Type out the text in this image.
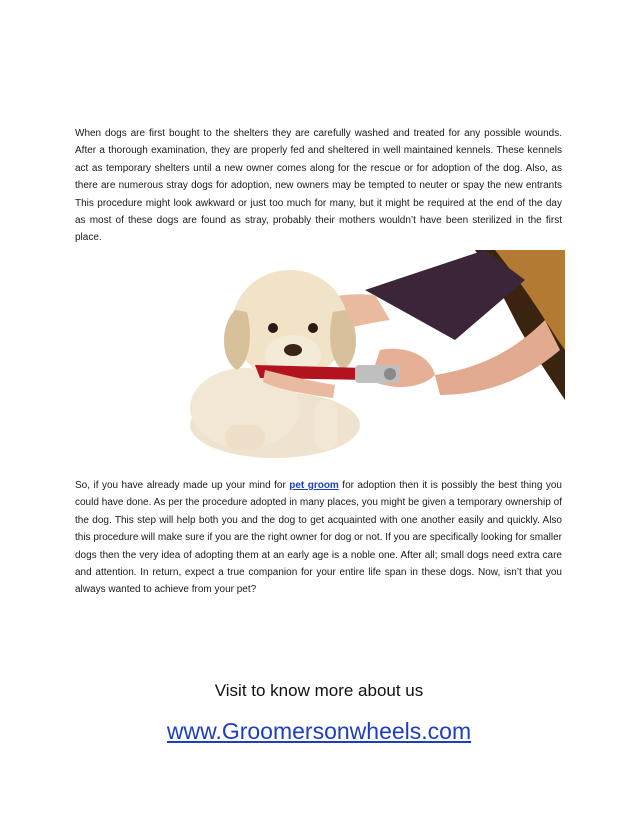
When dogs are first bought to the shelters they are carefully washed and treated for any possible wounds. After a thorough examination, they are properly fed and sheltered in well maintained kennels. These kennels act as temporary shelters until a new owner comes along for the rescue or for adoption of the dog. Also, as there are numerous stray dogs for adoption, new owners may be tempted to neuter or spay the new entrants This procedure might look awkward or just too much for many, but it might be required at the end of the day as most of these dogs are found as stray, probably their mothers wouldn’t have been sterilized in the first place.

So, if you have already made up your mind for pet groom for adoption then it is possibly the best thing you could have done. As per the procedure adopted in many places, you might be given a temporary ownership of the dog. This step will help both you and the dog to get acquainted with one another easily and quickly. Also this procedure will make sure if you are the right owner for dog or not. If you are specifically looking for smaller dogs then the very idea of adopting them at an early age is a noble one. After all; small dogs need extra care and attention. In return, expect a true companion for your entire life span in these dogs. Now, isn’t that you always wanted to achieve from your pet?

Visit to know more about us
www.Groomersonwheels.com
